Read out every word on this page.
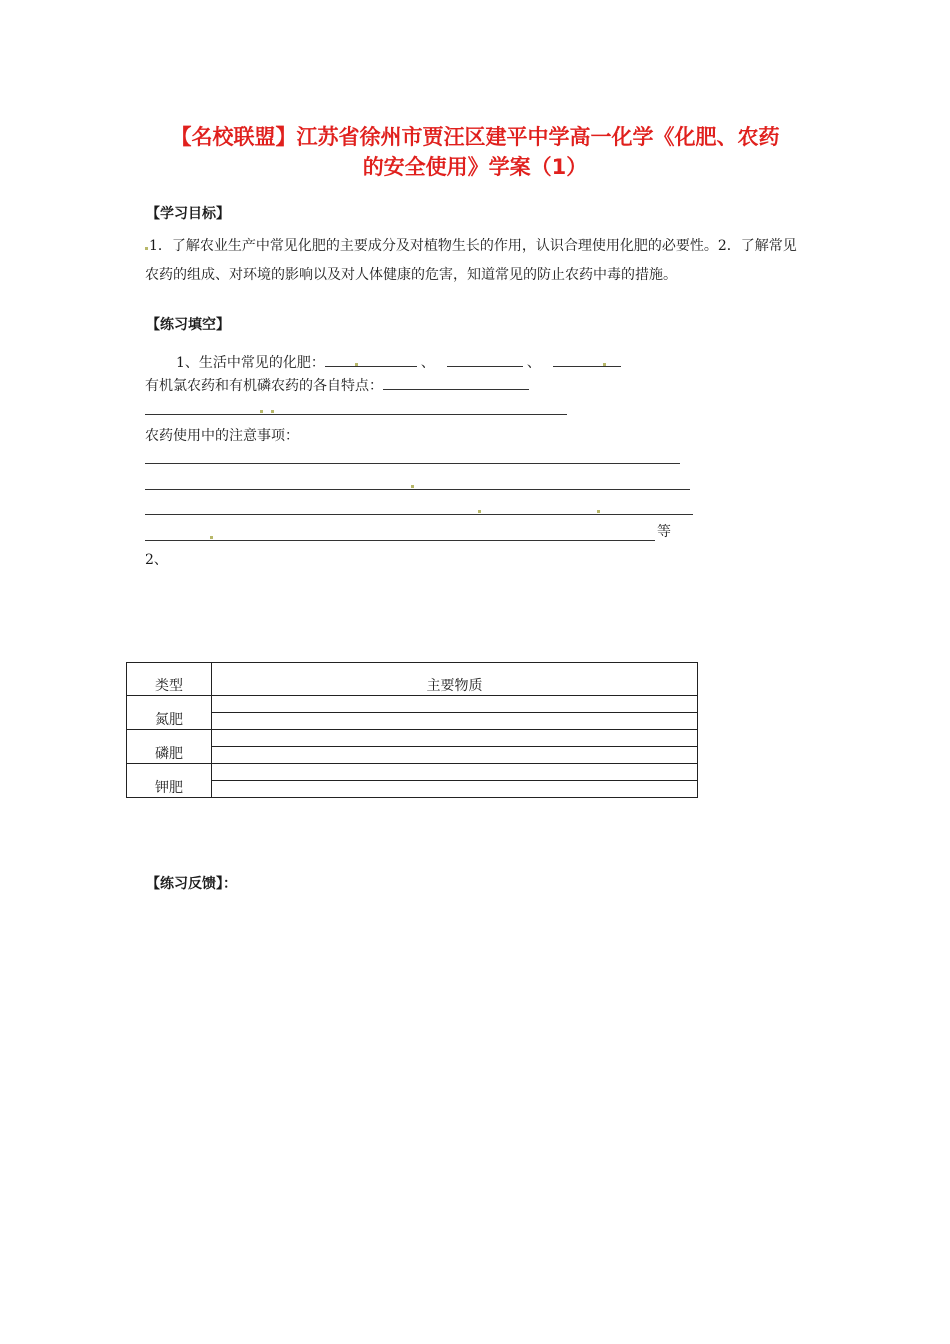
【名校联盟】江苏省徐州市贾汪区建平中学高一化学《化肥、农药
的安全使用》学案（1）

【学习目标】

1．了解农业生产中常见化肥的主要成分及对植物生长的作用，认识合理使用化肥的必要性。2．了解常见农药的组成、对环境的影响以及对人体健康的危害，知道常见的防止农药中毒的措施。

【练习填空】

1、生活中常见的化肥：	、	、

有机氯农药和有机磷农药的各自特点：

农药使用中的注意事项：

等

2、

类型	主要物质
氮肥	

磷肥	

钾肥	

【练习反馈】：
